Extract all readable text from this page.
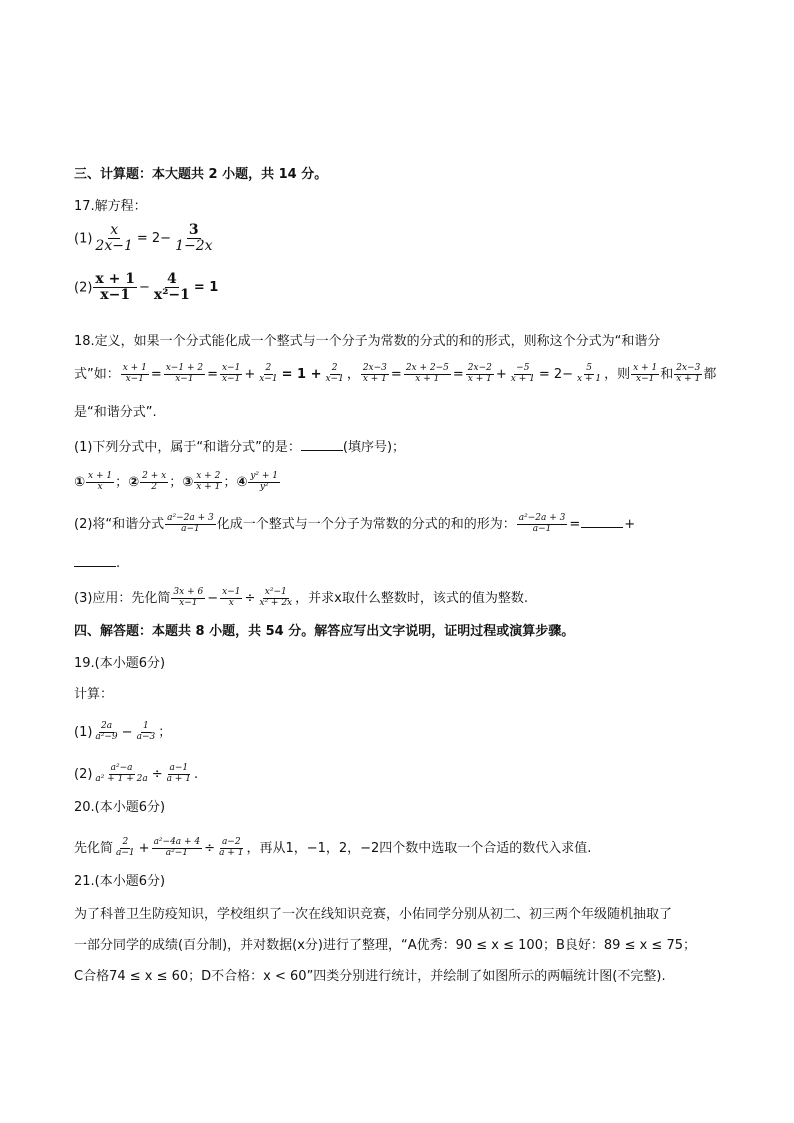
三、计算题：本大题共 2 小题，共 14 分。
17.解方程：
$(1) \frac{x}{2x-1} = 2- \frac{3}{1-2x}$
$(2) \frac{x + 1}{x-1} - \frac{4}{\text{x²−1}} = 1$
18.定义，如果一个分式能化成一个整式与一个分子为常数的分式的和的形式，则称这个分式为“和谐分
式”如： $\frac{x + 1}{x-1} = \frac{x-1 + 2}{x-1} = \frac{x-1}{x-1} + \frac{2}{x-1} = 1 + \frac{2}{x-1}$ ， $\frac{2x-3}{x + 1} = \frac{2x + 2-5}{x + 1} = \frac{2x-2}{x + 1} + \frac{-5}{x + 1} = 2- \frac{5}{x + 1}$ ，则 $\frac{x + 1}{x-1}$ 和 $\frac{2x-3}{x + 1}$ 都
是“和谐分式”.
(1)下列分式中，属于“和谐分式”的是：	(填序号)；
① $\frac{x + 1}{x}$ ；② $\frac{2 + x}{2}$ ；③ $\frac{x + 2}{x + 1}$ ；④ $\frac{\text{y² + 1}}{\text{y²}}$
(2)将“和谐分式 $\frac{\text{a²−2a + 3}}{a-1}$ 化成一个整式与一个分子为常数的分式的和的形为： $\frac{\text{a²−2a + 3}}{a-1}$ =	+
.
(3)应用：先化简 $\frac{3x + 6}{x-1} - \frac{x-1}{x} \div \frac{\text{x²−1}}{\text{x² + 2x}}$ ，并求x取什么整数时，该式的值为整数.
四、解答题：本题共 8 小题，共 54 分。解答应写出文字说明，证明过程或演算步骤。
19.(本小题6分)
计算：
$(1) \frac{2a}{\text{a²−9}} - \frac{1}{a-3}$ ；
$(2) \frac{\text{a²−a}}{\text{a² + 1 + 2a}} \div \frac{a-1}{a + 1}$ .
20.(本小题6分)
先化简 $\frac{2}{a-1} + \frac{\text{a²−4a + 4}}{\text{a²−1}} \div \frac{a-2}{a + 1}$ ，再从1，−1，2，−2四个数中选取一个合适的数代入求值.
21.(本小题6分)
为了科普卫生防疫知识，学校组织了一次在线知识竞赛，小佑同学分别从初二、初三两个年级随机抽取了
一部分同学的成绩(百分制)，并对数据(x分)进行了整理，“A优秀：90 ≤ x ≤ 100；B良好：89 ≤ x ≤ 75；
C合格74 ≤ x ≤ 60；D不合格：x < 60”四类分别进行统计，并绘制了如图所示的两幅统计图(不完整).
